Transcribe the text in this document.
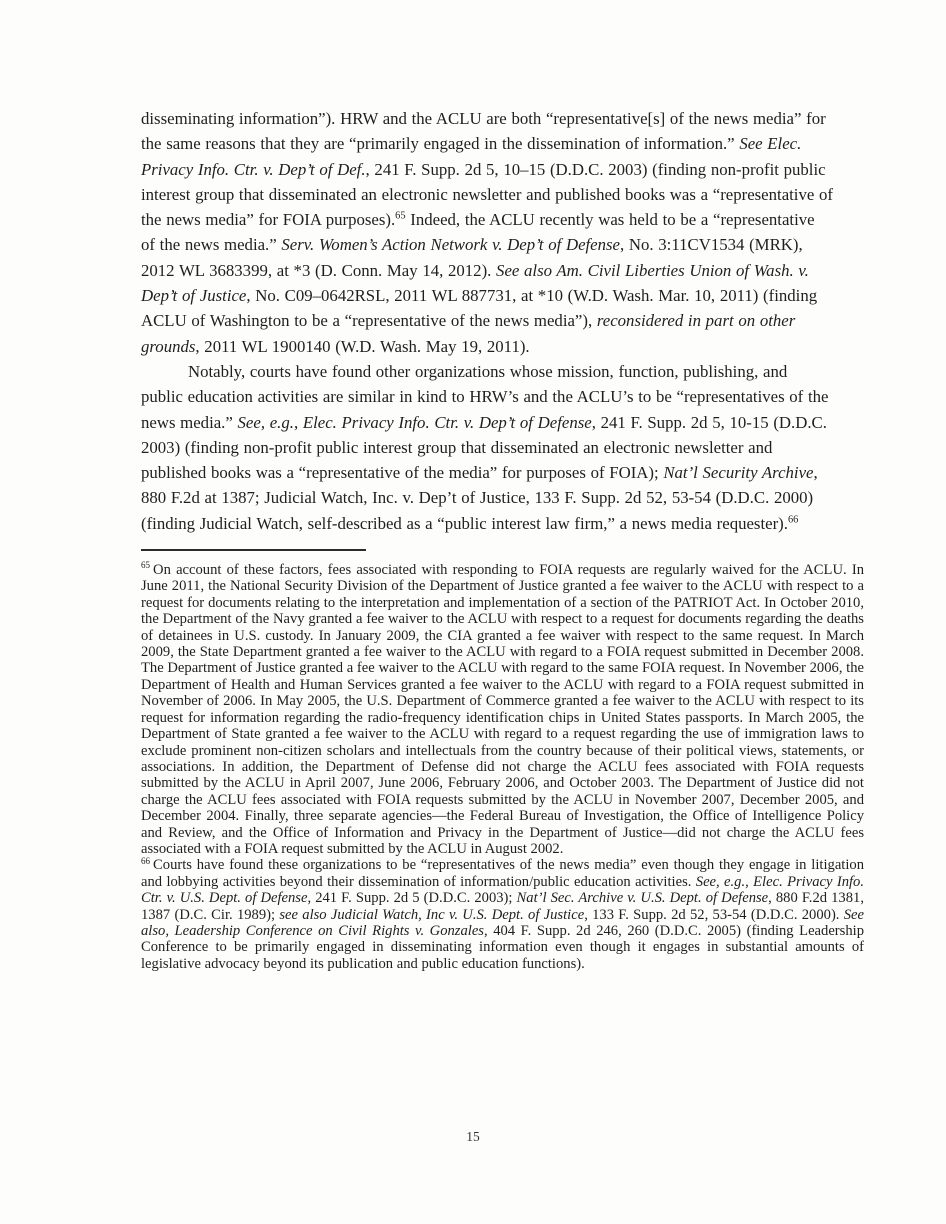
disseminating information”). HRW and the ACLU are both “representative[s] of the news media” for the same reasons that they are “primarily engaged in the dissemination of information.” See Elec. Privacy Info. Ctr. v. Dep’t of Def., 241 F. Supp. 2d 5, 10–15 (D.D.C. 2003) (finding non-profit public interest group that disseminated an electronic newsletter and published books was a “representative of the news media” for FOIA purposes).$^{65}$ Indeed, the ACLU recently was held to be a “representative of the news media.” Serv. Women’s Action Network v. Dep’t of Defense, No. 3:11CV1534 (MRK), 2012 WL 3683399, at *3 (D. Conn. May 14, 2012). See also Am. Civil Liberties Union of Wash. v. Dep’t of Justice, No. C09–0642RSL, 2011 WL 887731, at *10 (W.D. Wash. Mar. 10, 2011) (finding ACLU of Washington to be a “representative of the news media”), reconsidered in part on other grounds, 2011 WL 1900140 (W.D. Wash. May 19, 2011).

Notably, courts have found other organizations whose mission, function, publishing, and public education activities are similar in kind to HRW’s and the ACLU’s to be “representatives of the news media.” See, e.g., Elec. Privacy Info. Ctr. v. Dep’t of Defense, 241 F. Supp. 2d 5, 10-15 (D.D.C. 2003) (finding non-profit public interest group that disseminated an electronic newsletter and published books was a “representative of the media” for purposes of FOIA); Nat’l Security Archive, 880 F.2d at 1387; Judicial Watch, Inc. v. Dep’t of Justice, 133 F. Supp. 2d 52, 53-54 (D.D.C. 2000) (finding Judicial Watch, self-described as a “public interest law firm,” a news media requester).$^{66}$

$^{65}$ On account of these factors, fees associated with responding to FOIA requests are regularly waived for the ACLU. In June 2011, the National Security Division of the Department of Justice granted a fee waiver to the ACLU with respect to a request for documents relating to the interpretation and implementation of a section of the PATRIOT Act. In October 2010, the Department of the Navy granted a fee waiver to the ACLU with respect to a request for documents regarding the deaths of detainees in U.S. custody. In January 2009, the CIA granted a fee waiver with respect to the same request. In March 2009, the State Department granted a fee waiver to the ACLU with regard to a FOIA request submitted in December 2008. The Department of Justice granted a fee waiver to the ACLU with regard to the same FOIA request. In November 2006, the Department of Health and Human Services granted a fee waiver to the ACLU with regard to a FOIA request submitted in November of 2006. In May 2005, the U.S. Department of Commerce granted a fee waiver to the ACLU with respect to its request for information regarding the radio-frequency identification chips in United States passports. In March 2005, the Department of State granted a fee waiver to the ACLU with regard to a request regarding the use of immigration laws to exclude prominent non-citizen scholars and intellectuals from the country because of their political views, statements, or associations. In addition, the Department of Defense did not charge the ACLU fees associated with FOIA requests submitted by the ACLU in April 2007, June 2006, February 2006, and October 2003. The Department of Justice did not charge the ACLU fees associated with FOIA requests submitted by the ACLU in November 2007, December 2005, and December 2004. Finally, three separate agencies—the Federal Bureau of Investigation, the Office of Intelligence Policy and Review, and the Office of Information and Privacy in the Department of Justice—did not charge the ACLU fees associated with a FOIA request submitted by the ACLU in August 2002.

$^{66}$ Courts have found these organizations to be “representatives of the news media” even though they engage in litigation and lobbying activities beyond their dissemination of information/public education activities. See, e.g., Elec. Privacy Info. Ctr. v. U.S. Dept. of Defense, 241 F. Supp. 2d 5 (D.D.C. 2003); Nat’l Sec. Archive v. U.S. Dept. of Defense, 880 F.2d 1381, 1387 (D.C. Cir. 1989); see also Judicial Watch, Inc v. U.S. Dept. of Justice, 133 F. Supp. 2d 52, 53-54 (D.D.C. 2000). See also, Leadership Conference on Civil Rights v. Gonzales, 404 F. Supp. 2d 246, 260 (D.D.C. 2005) (finding Leadership Conference to be primarily engaged in disseminating information even though it engages in substantial amounts of legislative advocacy beyond its publication and public education functions).

15
